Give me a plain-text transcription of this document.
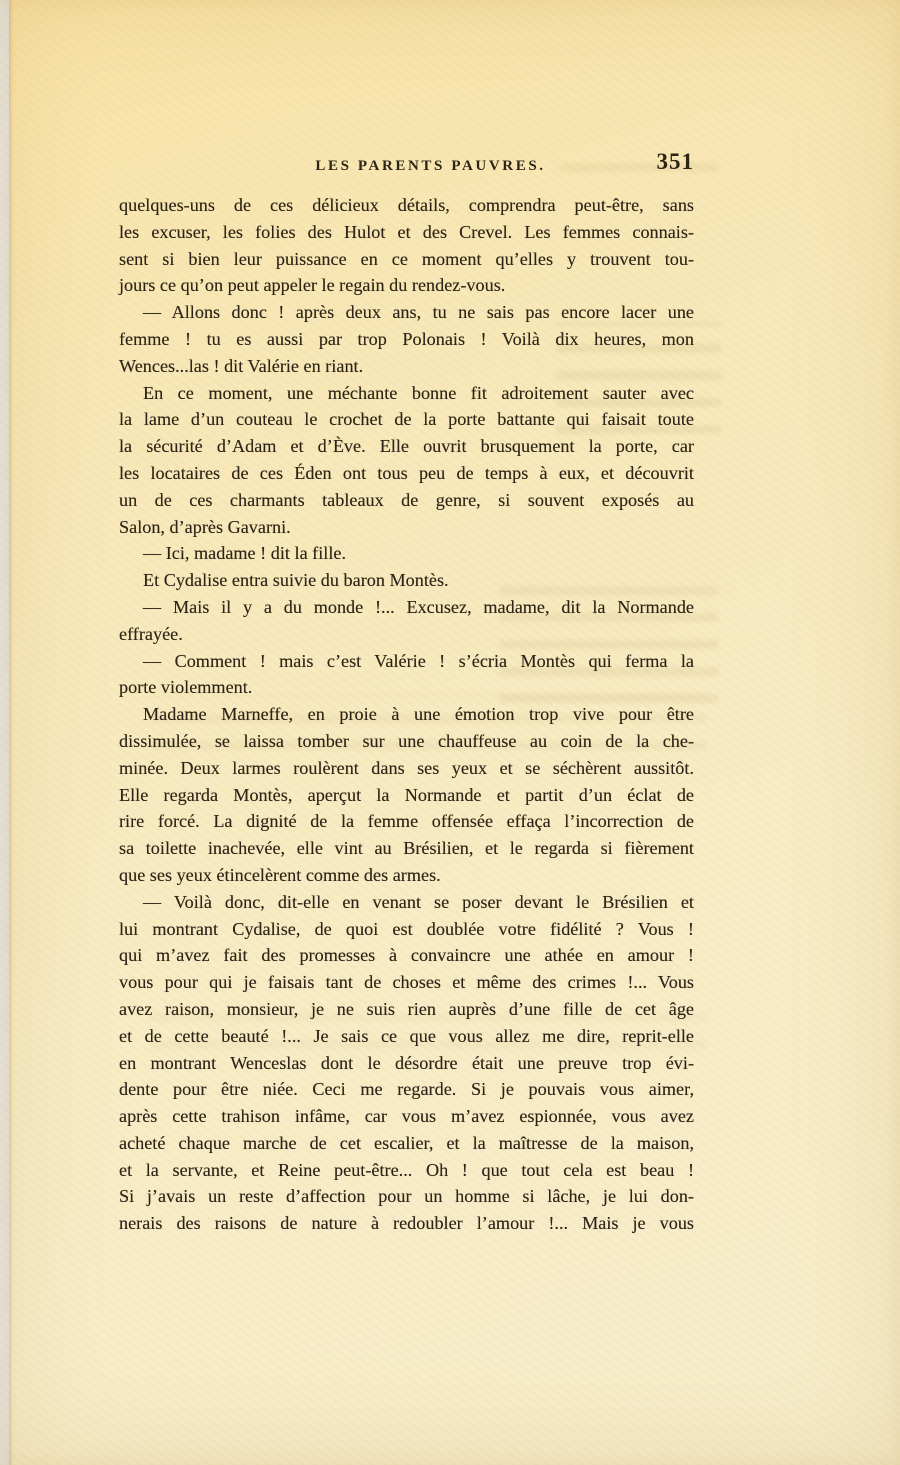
LES PARENTS PAUVRES.	351
quelques-uns de ces délicieux détails, comprendra peut-être, sans
les excuser, les folies des Hulot et des Crevel. Les femmes connais-
sent si bien leur puissance en ce moment qu’elles y trouvent tou-
jours ce qu’on peut appeler le regain du rendez-vous.
— Allons donc ! après deux ans, tu ne sais pas encore lacer une
femme ! tu es aussi par trop Polonais ! Voilà dix heures, mon
Wences...las ! dit Valérie en riant.
En ce moment, une méchante bonne fit adroitement sauter avec
la lame d’un couteau le crochet de la porte battante qui faisait toute
la sécurité d’Adam et d’Ève. Elle ouvrit brusquement la porte, car
les locataires de ces Éden ont tous peu de temps à eux, et découvrit
un de ces charmants tableaux de genre, si souvent exposés au
Salon, d’après Gavarni.
— Ici, madame ! dit la fille.
Et Cydalise entra suivie du baron Montès.
— Mais il y a du monde !... Excusez, madame, dit la Normande
effrayée.
— Comment ! mais c’est Valérie ! s’écria Montès qui ferma la
porte violemment.
Madame Marneffe, en proie à une émotion trop vive pour être
dissimulée, se laissa tomber sur une chauffeuse au coin de la che-
minée. Deux larmes roulèrent dans ses yeux et se séchèrent aussitôt.
Elle regarda Montès, aperçut la Normande et partit d’un éclat de
rire forcé. La dignité de la femme offensée effaça l’incorrection de
sa toilette inachevée, elle vint au Brésilien, et le regarda si fièrement
que ses yeux étincelèrent comme des armes.
— Voilà donc, dit-elle en venant se poser devant le Brésilien et
lui montrant Cydalise, de quoi est doublée votre fidélité ? Vous !
qui m’avez fait des promesses à convaincre une athée en amour !
vous pour qui je faisais tant de choses et même des crimes !... Vous
avez raison, monsieur, je ne suis rien auprès d’une fille de cet âge
et de cette beauté !... Je sais ce que vous allez me dire, reprit-elle
en montrant Wenceslas dont le désordre était une preuve trop évi-
dente pour être niée. Ceci me regarde. Si je pouvais vous aimer,
après cette trahison infâme, car vous m’avez espionnée, vous avez
acheté chaque marche de cet escalier, et la maîtresse de la maison,
et la servante, et Reine peut-être... Oh ! que tout cela est beau !
Si j’avais un reste d’affection pour un homme si lâche, je lui don-
nerais des raisons de nature à redoubler l’amour !... Mais je vous
